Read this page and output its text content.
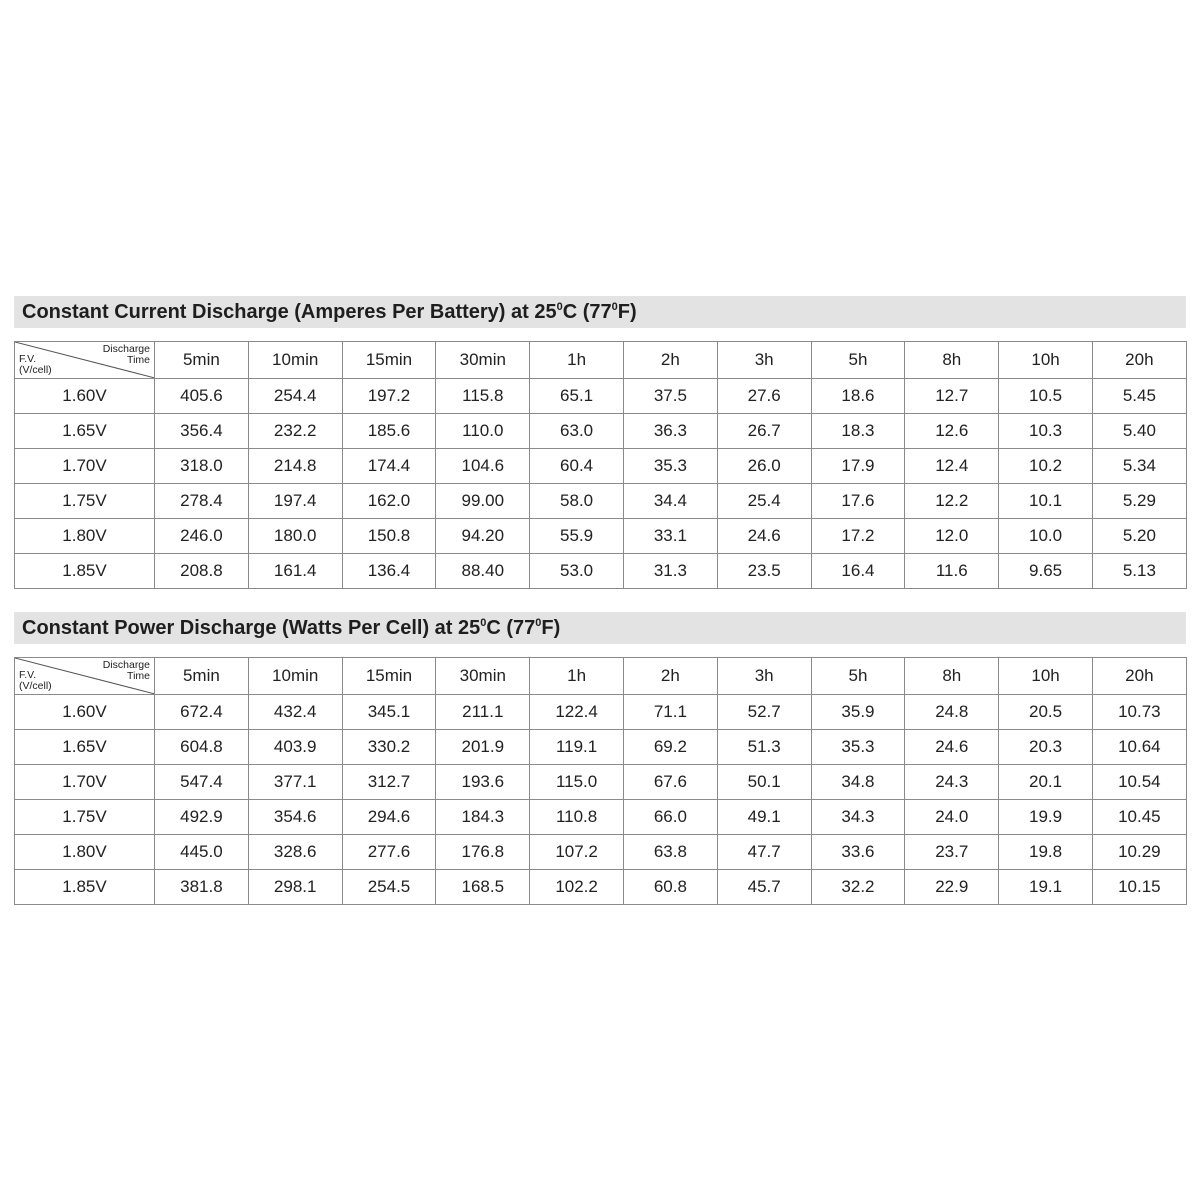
Constant Current Discharge (Amperes Per Battery) at $25^0C$ $(77^0F)$
Discharge
Time
F.V.
(V/cell)	5min	10min	15min	30min	1h	2h	3h	5h	8h	10h	20h
1.60V	405.6	254.4	197.2	115.8	65.1	37.5	27.6	18.6	12.7	10.5	5.45
1.65V	356.4	232.2	185.6	110.0	63.0	36.3	26.7	18.3	12.6	10.3	5.40
1.70V	318.0	214.8	174.4	104.6	60.4	35.3	26.0	17.9	12.4	10.2	5.34
1.75V	278.4	197.4	162.0	99.00	58.0	34.4	25.4	17.6	12.2	10.1	5.29
1.80V	246.0	180.0	150.8	94.20	55.9	33.1	24.6	17.2	12.0	10.0	5.20
1.85V	208.8	161.4	136.4	88.40	53.0	31.3	23.5	16.4	11.6	9.65	5.13
Constant Power Discharge (Watts Per Cell) at $25^0C$ $(77^0F)$
Discharge
Time
F.V.
(V/cell)	5min	10min	15min	30min	1h	2h	3h	5h	8h	10h	20h
1.60V	672.4	432.4	345.1	211.1	122.4	71.1	52.7	35.9	24.8	20.5	10.73
1.65V	604.8	403.9	330.2	201.9	119.1	69.2	51.3	35.3	24.6	20.3	10.64
1.70V	547.4	377.1	312.7	193.6	115.0	67.6	50.1	34.8	24.3	20.1	10.54
1.75V	492.9	354.6	294.6	184.3	110.8	66.0	49.1	34.3	24.0	19.9	10.45
1.80V	445.0	328.6	277.6	176.8	107.2	63.8	47.7	33.6	23.7	19.8	10.29
1.85V	381.8	298.1	254.5	168.5	102.2	60.8	45.7	32.2	22.9	19.1	10.15
